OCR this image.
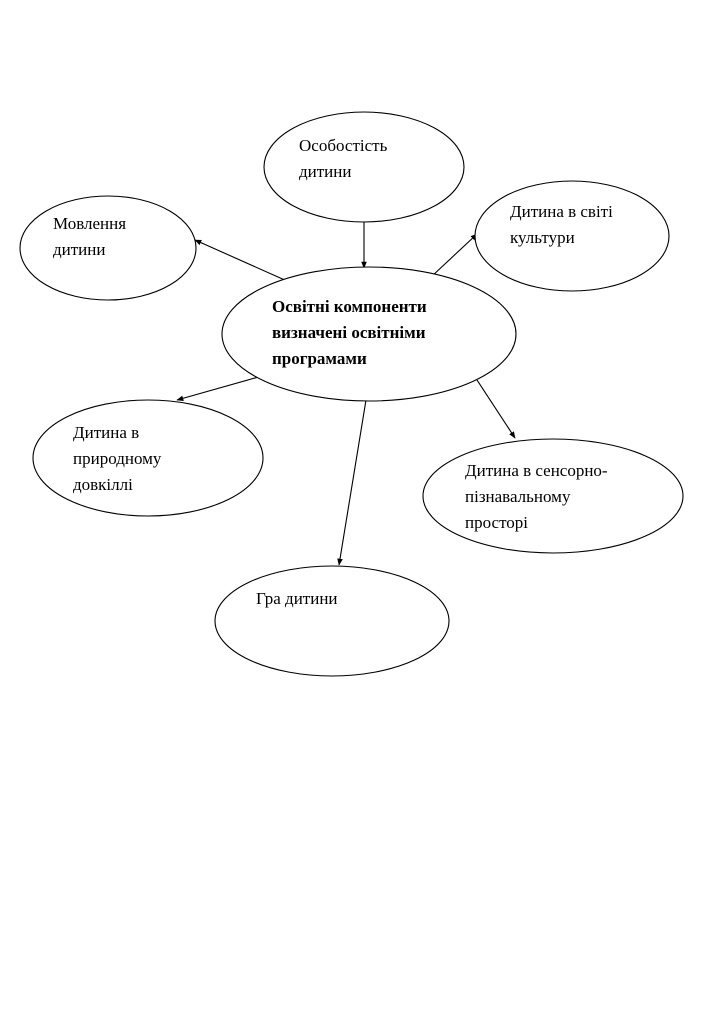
Освітні компоненти визначені освітніми програмами
Особостість дитини
Мовлення дитини
Дитина в світі культури
Дитина в природному довкіллі
Дитина в сенсорно- пізнавальному просторі
Гра дитини
